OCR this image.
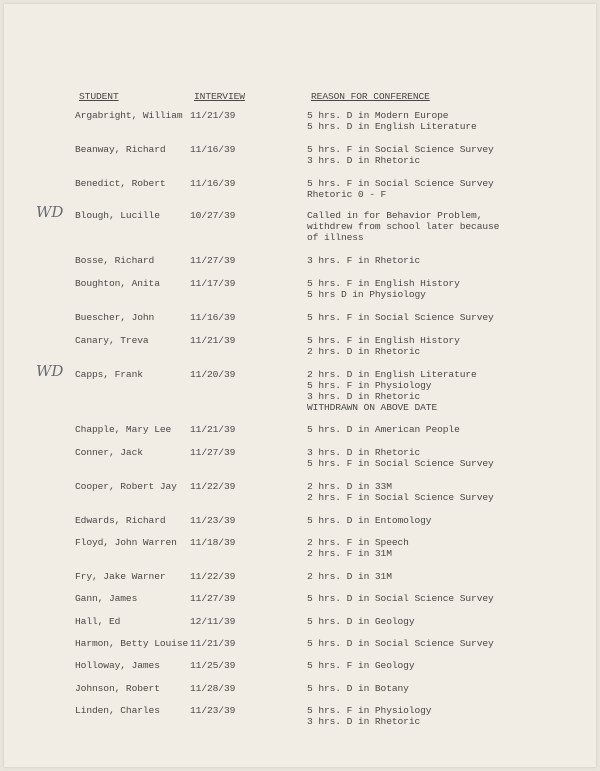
STUDENT	INTERVIEW	REASON FOR CONFERENCE
Argabright, William 11/21/39	5 hrs. D in Modern Europe
5 hrs. D in English Literature
Beanway, Richard	11/16/39	5 hrs. F in Social Science Survey
3 hrs. D in Rhetoric
Benedict, Robert	11/16/39	5 hrs. F in Social Science Survey
Rhetoric 0 - F
Blough, Lucille	10/27/39	Called in for Behavior Problem,
withdrew from school later because
of illness
WD
Bosse, Richard	11/27/39	3 hrs. F in Rhetoric
Boughton, Anita	11/17/39	5 hrs. F in English History
5 hrs D in Physiology
Buescher, John	11/16/39	5 hrs. F in Social Science Survey
Canary, Treva	11/21/39	5 hrs. F in English History
2 hrs. D in Rhetoric
Capps, Frank	11/20/39	2 hrs. D in English Literature
5 hrs. F in Physiology
3 hrs. D in Rhetoric
WITHDRAWN ON ABOVE DATE
WD
Chapple, Mary Lee 11/21/39	5 hrs. D in American People
Conner, Jack	11/27/39	3 hrs. D in Rhetoric
5 hrs. F in Social Science Survey
Cooper, Robert Jay 11/22/39	2 hrs. D in 33M
2 hrs. F in Social Science Survey
Edwards, Richard	11/23/39	5 hrs. D in Entomology
Floyd, John Warren 11/18/39	2 hrs. F in Speech
2 hrs. F in 31M
Fry, Jake Warner	11/22/39	2 hrs. D in 31M
Gann, James	11/27/39	5 hrs. D in Social Science Survey
Hall, Ed	12/11/39	5 hrs. D in Geology
Harmon, Betty Louise 11/21/39	5 hrs. D in Social Science Survey
Holloway, James	11/25/39	5 hrs. F in Geology
Johnson, Robert	11/28/39	5 hrs. D in Botany
Linden, Charles	11/23/39	5 hrs. F in Physiology
3 hrs. D in Rhetoric
